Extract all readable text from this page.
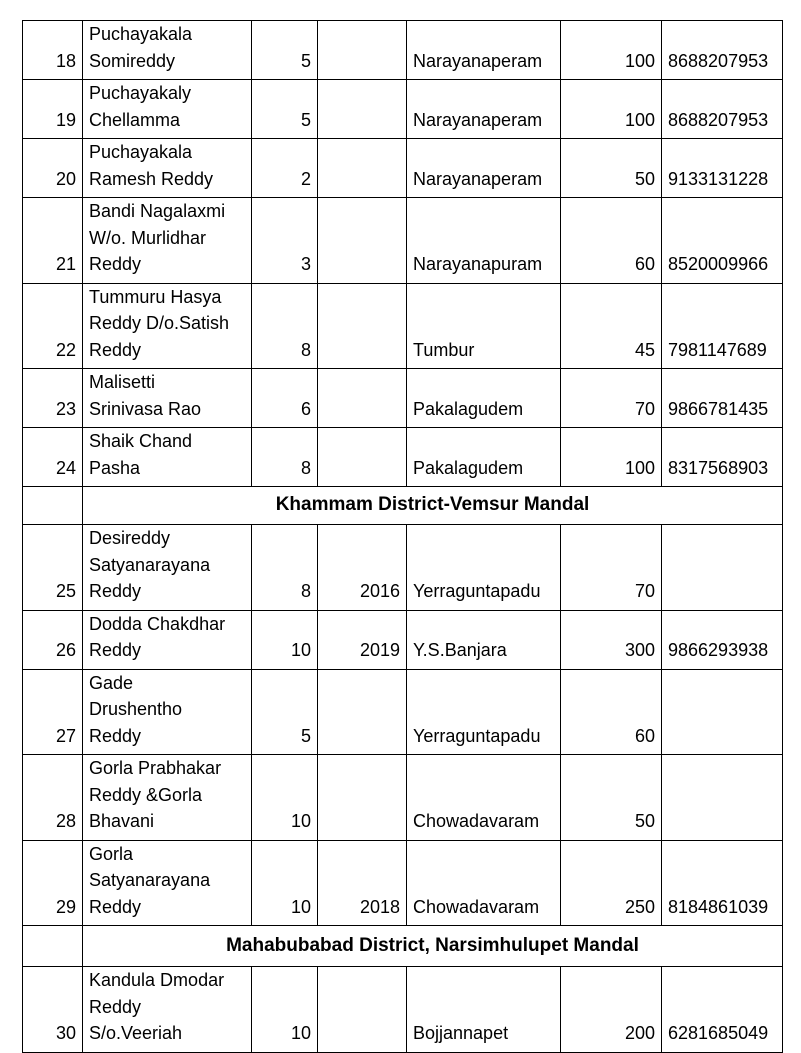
18	Puchayakala
Somireddy	5		Narayanaperam	100	8688207953
19	Puchayakaly
Chellamma	5		Narayanaperam	100	8688207953
20	Puchayakala
Ramesh Reddy	2		Narayanaperam	50	9133131228
21	Bandi Nagalaxmi
W/o. Murlidhar
Reddy	3		Narayanapuram	60	8520009966
22	Tummuru Hasya
Reddy D/o.Satish
Reddy	8		Tumbur	45	7981147689
23	Malisetti
Srinivasa Rao	6		Pakalagudem	70	9866781435
24	Shaik Chand
Pasha	8		Pakalagudem	100	8317568903
	Khammam District-Vemsur Mandal					
25	Desireddy
Satyanarayana
Reddy	8	2016	Yerraguntapadu	70	
26	Dodda Chakdhar
Reddy	10	2019	Y.S.Banjara	300	9866293938
27	Gade
Drushentho
Reddy	5		Yerraguntapadu	60	
28	Gorla Prabhakar
Reddy &Gorla
Bhavani	10		Chowadavaram	50	
29	Gorla
Satyanarayana
Reddy	10	2018	Chowadavaram	250	8184861039
	Mahabubabad District, Narsimhulupet Mandal					
30	Kandula Dmodar
Reddy
S/o.Veeriah	10		Bojjannapet	200	6281685049
